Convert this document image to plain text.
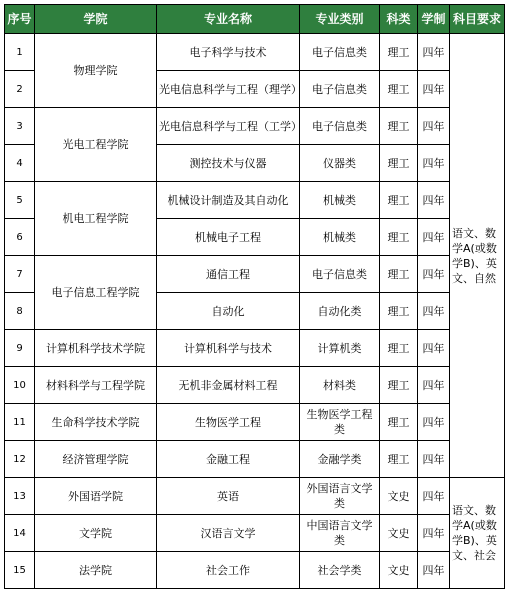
序号	学院	专业名称	专业类别	科类	学制	科目要求
1	物理学院	电子科学与技术	电子信息类	理工	四年	语文、数学A(或数学B)、英文、自然
2		光电信息科学与工程（理学）	电子信息类	理工	四年	
3	光电工程学院	光电信息科学与工程（工学）	电子信息类	理工	四年	
4		测控技术与仪器	仪器类	理工	四年	
5	机电工程学院	机械设计制造及其自动化	机械类	理工	四年	
6		机械电子工程	机械类	理工	四年	
7	电子信息工程学院	通信工程	电子信息类	理工	四年	
8		自动化	自动化类	理工	四年	
9	计算机科学技术学院	计算机科学与技术	计算机类	理工	四年	
10	材料科学与工程学院	无机非金属材料工程	材料类	理工	四年	
11	生命科学技术学院	生物医学工程	生物医学工程类	理工	四年	
12	经济管理学院	金融工程	金融学类	理工	四年	
13	外国语学院	英语	外国语言文学类	文史	四年	语文、数学A(或数学B)、英文、社会
14	文学院	汉语言文学	中国语言文学类	文史	四年	
15	法学院	社会工作	社会学类	文史	四年	
